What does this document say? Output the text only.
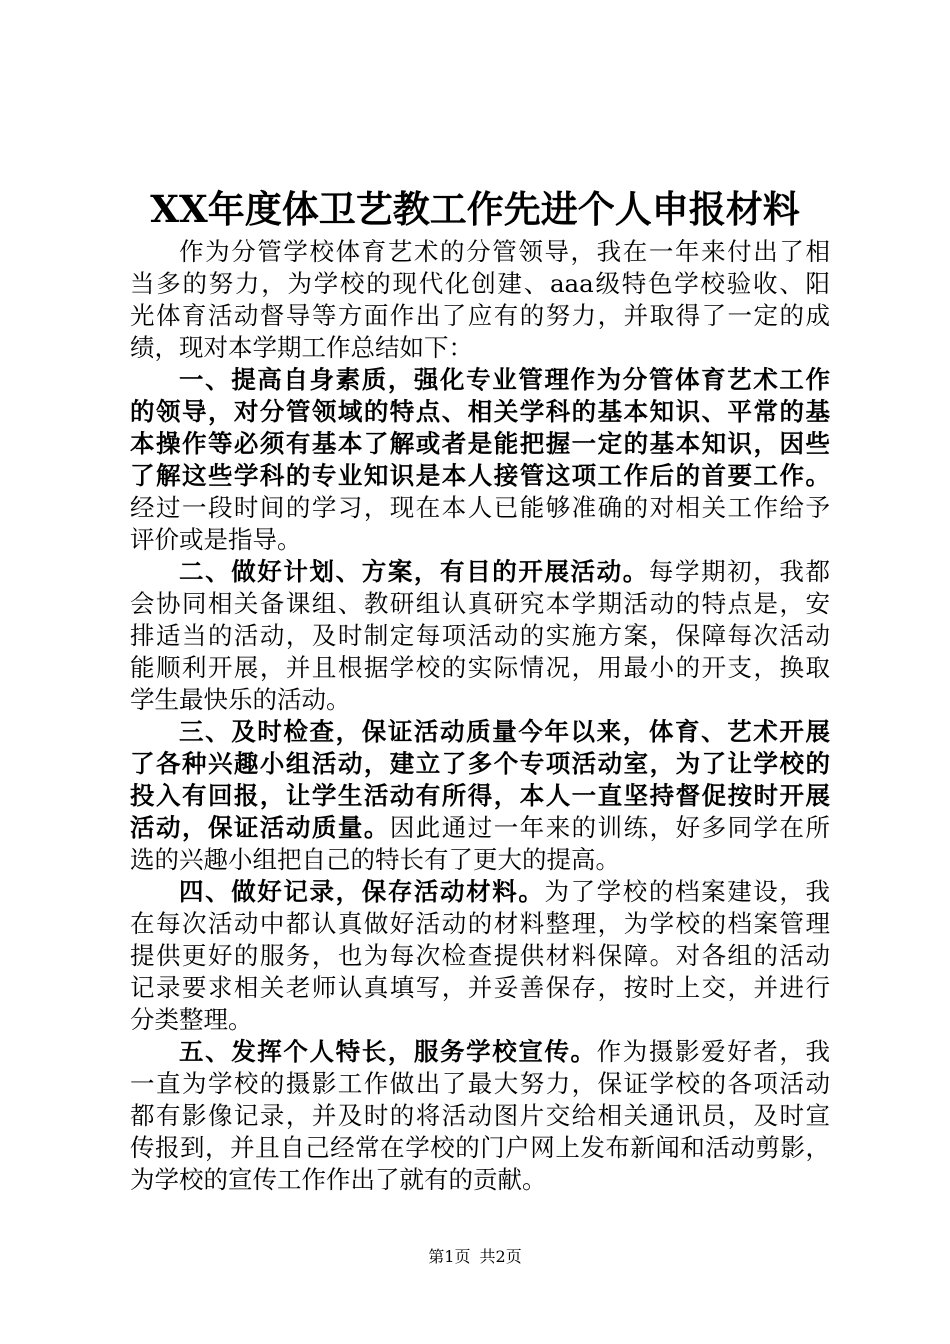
XX年度体卫艺教工作先进个人申报材料
作为分管学校体育艺术的分管领导，我在一年来付出了相
当多的努力，为学校的现代化创建、aaa级特色学校验收、阳
光体育活动督导等方面作出了应有的努力，并取得了一定的成
绩，现对本学期工作总结如下：
一、提高自身素质，强化专业管理作为分管体育艺术工作
的领导，对分管领域的特点、相关学科的基本知识、平常的基
本操作等必须有基本了解或者是能把握一定的基本知识，因些
了解这些学科的专业知识是本人接管这项工作后的首要工作。
经过一段时间的学习，现在本人已能够准确的对相关工作给予
评价或是指导。
二、做好计划、方案，有目的开展活动。每学期初，我都
会协同相关备课组、教研组认真研究本学期活动的特点是，安
排适当的活动，及时制定每项活动的实施方案，保障每次活动
能顺利开展，并且根据学校的实际情况，用最小的开支，换取
学生最快乐的活动。
三、及时检查，保证活动质量今年以来，体育、艺术开展
了各种兴趣小组活动，建立了多个专项活动室，为了让学校的
投入有回报，让学生活动有所得，本人一直坚持督促按时开展
活动，保证活动质量。因此通过一年来的训练，好多同学在所
选的兴趣小组把自己的特长有了更大的提高。
四、做好记录，保存活动材料。为了学校的档案建设，我
在每次活动中都认真做好活动的材料整理，为学校的档案管理
提供更好的服务，也为每次检查提供材料保障。对各组的活动
记录要求相关老师认真填写，并妥善保存，按时上交，并进行
分类整理。
五、发挥个人特长，服务学校宣传。作为摄影爱好者，我
一直为学校的摄影工作做出了最大努力，保证学校的各项活动
都有影像记录，并及时的将活动图片交给相关通讯员，及时宣
传报到，并且自己经常在学校的门户网上发布新闻和活动剪影，
为学校的宣传工作作出了就有的贡献。
第1页 共2页
